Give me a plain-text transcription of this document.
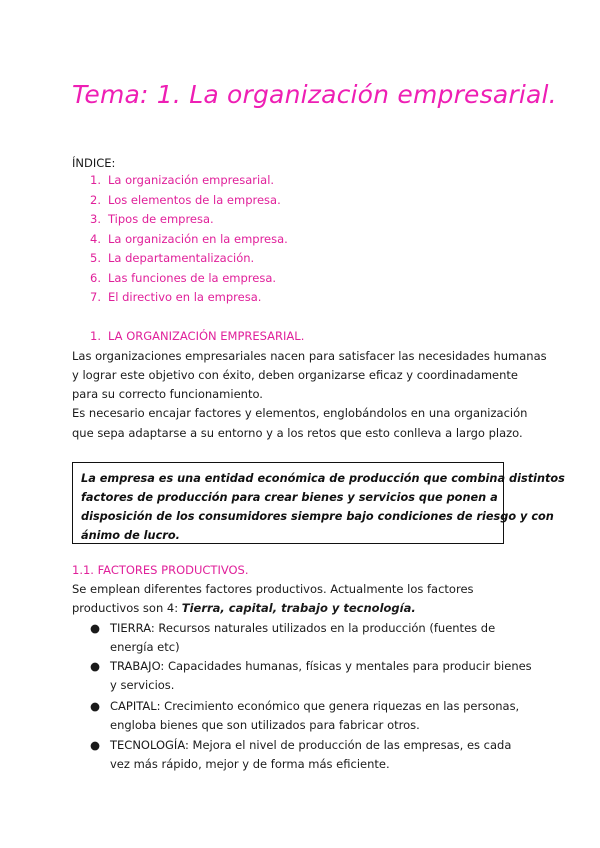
Tema: 1. La organización empresarial.
ÍNDICE:
1. La organización empresarial.
2. Los elementos de la empresa.
3. Tipos de empresa.
4. La organización en la empresa.
5. La departamentalización.
6. Las funciones de la empresa.
7. El directivo en la empresa.
1. LA ORGANIZACIÓN EMPRESARIAL.
Las organizaciones empresariales nacen para satisfacer las necesidades humanas
y lograr este objetivo con éxito, deben organizarse eficaz y coordinadamente
para su correcto funcionamiento.
Es necesario encajar factores y elementos, englobándolos en una organización
que sepa adaptarse a su entorno y a los retos que esto conlleva a largo plazo.
La empresa es una entidad económica de producción que combina distintos
factores de producción para crear bienes y servicios que ponen a
disposición de los consumidores siempre bajo condiciones de riesgo y con
ánimo de lucro.
1.1. FACTORES PRODUCTIVOS.
Se emplean diferentes factores productivos. Actualmente los factores
productivos son 4: Tierra, capital, trabajo y tecnología.
● TIERRA: Recursos naturales utilizados en la producción (fuentes de
energía etc)
● TRABAJO: Capacidades humanas, físicas y mentales para producir bienes
y servicios.
● CAPITAL: Crecimiento económico que genera riquezas en las personas,
engloba bienes que son utilizados para fabricar otros.
● TECNOLOGÍA: Mejora el nivel de producción de las empresas, es cada
vez más rápido, mejor y de forma más eficiente.
